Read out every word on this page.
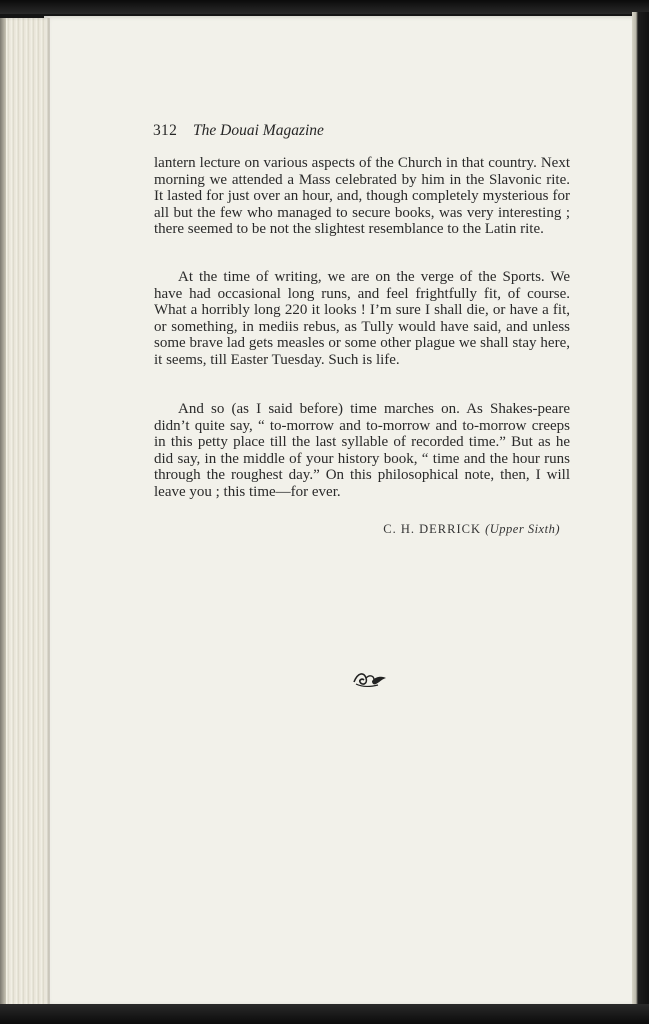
312 The Douai Magazine

lantern lecture on various aspects of the Church in that country. Next morning we attended a Mass celebrated by him in the Slavonic rite. It lasted for just over an hour, and, though completely mysterious for all but the few who managed to secure books, was very interesting ; there seemed to be not the slightest resemblance to the Latin rite.

At the time of writing, we are on the verge of the Sports. We have had occasional long runs, and feel frightfully fit, of course. What a horribly long 220 it looks ! I’m sure I shall die, or have a fit, or something, in mediis rebus, as Tully would have said, and unless some brave lad gets measles or some other plague we shall stay here, it seems, till Easter Tuesday. Such is life.

And so (as I said before) time marches on. As Shakes-peare didn’t quite say, “ to-morrow and to-morrow and to-morrow creeps in this petty place till the last syllable of recorded time.” But as he did say, in the middle of your history book, “ time and the hour runs through the roughest day.” On this philosophical note, then, I will leave you ; this time—for ever.

C. H. DERRICK (Upper Sixth)
